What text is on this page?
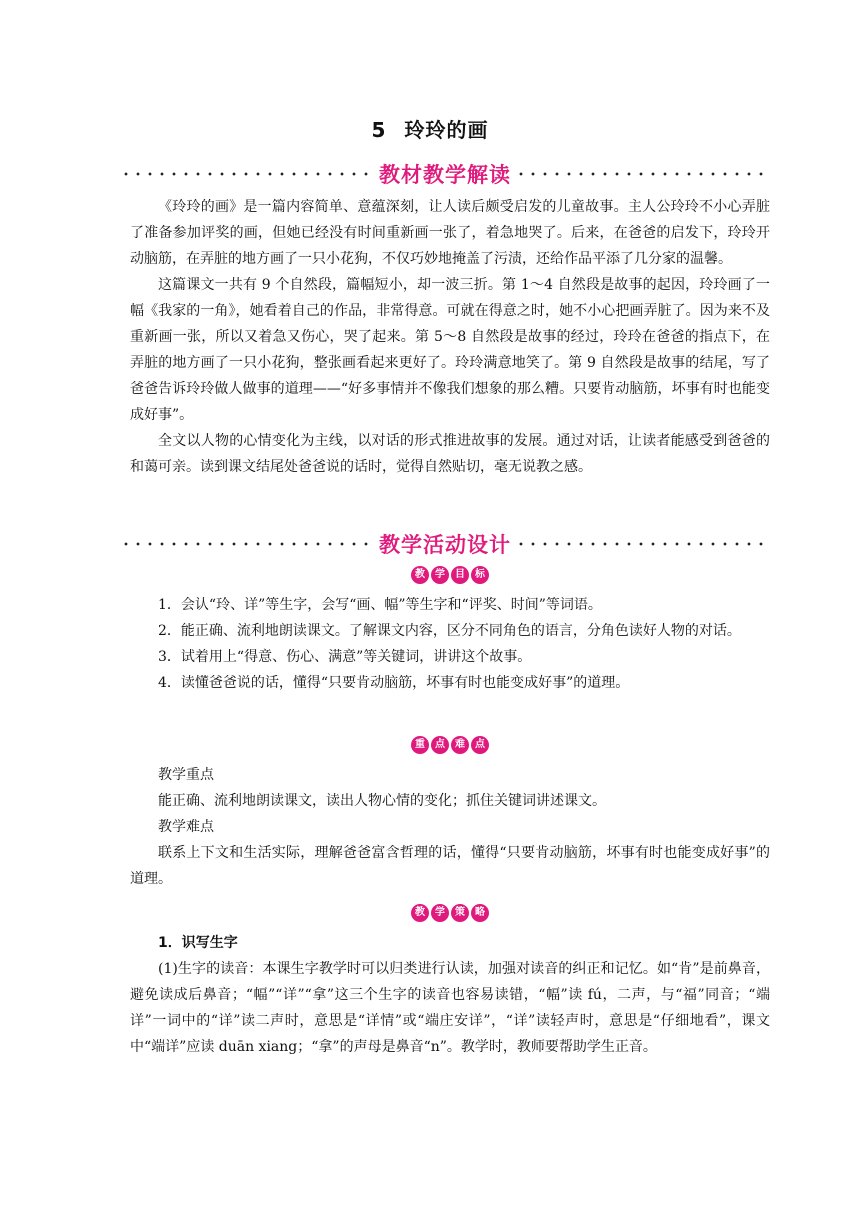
5 玲玲的画
教材教学解读

《玲玲的画》是一篇内容简单、意蕴深刻，让人读后颇受启发的儿童故事。主人公玲玲不小心弄脏了准备参加评奖的画，但她已经没有时间重新画一张了，着急地哭了。后来，在爸爸的启发下，玲玲开动脑筋，在弄脏的地方画了一只小花狗，不仅巧妙地掩盖了污渍，还给作品平添了几分家的温馨。

这篇课文一共有 9 个自然段，篇幅短小，却一波三折。第 1～4 自然段是故事的起因，玲玲画了一幅《我家的一角》，她看着自己的作品，非常得意。可就在得意之时，她不小心把画弄脏了。因为来不及重新画一张，所以又着急又伤心，哭了起来。第 5～8 自然段是故事的经过，玲玲在爸爸的指点下，在弄脏的地方画了一只小花狗，整张画看起来更好了。玲玲满意地笑了。第 9 自然段是故事的结尾，写了爸爸告诉玲玲做人做事的道理——“好多事情并不像我们想象的那么糟。只要肯动脑筋，坏事有时也能变成好事”。

全文以人物的心情变化为主线，以对话的形式推进故事的发展。通过对话，让读者能感受到爸爸的和蔼可亲。读到课文结尾处爸爸说的话时，觉得自然贴切，毫无说教之感。

教学活动设计
教	学	目	标

1．会认“玲、详”等生字，会写“画、幅”等生字和“评奖、时间”等词语。

2．能正确、流利地朗读课文。了解课文内容，区分不同角色的语言，分角色读好人物的对话。

3．试着用上“得意、伤心、满意”等关键词，讲讲这个故事。

4．读懂爸爸说的话，懂得“只要肯动脑筋，坏事有时也能变成好事”的道理。

重	点	难	点

教学重点

能正确、流利地朗读课文，读出人物心情的变化；抓住关键词讲述课文。

教学难点

联系上下文和生活实际，理解爸爸富含哲理的话，懂得“只要肯动脑筋，坏事有时也能变成好事”的道理。

教	学	策	略

1．识写生字

(1)生字的读音：本课生字教学时可以归类进行认读，加强对读音的纠正和记忆。如“肯”是前鼻音，避免读成后鼻音；“幅”“详”“拿”这三个生字的读音也容易读错，“幅”读 fú，二声，与“福”同音；“端详”一词中的“详”读二声时，意思是“详情”或“端庄安详”，“详”读轻声时，意思是“仔细地看”，课文中“端详”应读 duān xiang；“拿”的声母是鼻音“n”。教学时，教师要帮助学生正音。
